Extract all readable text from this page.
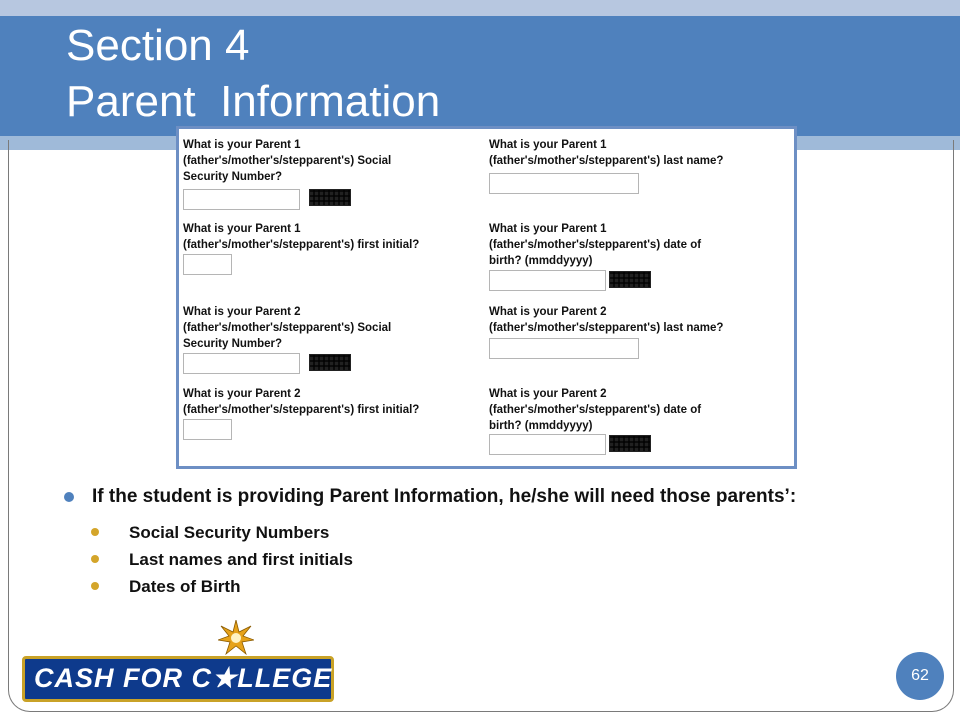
Section 4
Parent  Information
What is your Parent 1
(father's/mother's/stepparent's) Social
Security Number?
What is your Parent 1
(father's/mother's/stepparent's) last name?
What is your Parent 1
(father's/mother's/stepparent's) first initial?
What is your Parent 1
(father's/mother's/stepparent's) date of
birth? (mmddyyyy)
What is your Parent 2
(father's/mother's/stepparent's) Social
Security Number?
What is your Parent 2
(father's/mother's/stepparent's) last name?
What is your Parent 2
(father's/mother's/stepparent's) first initial?
What is your Parent 2
(father's/mother's/stepparent's) date of
birth? (mmddyyyy)
If the student is providing Parent Information, he/she will need those parents’:
Social Security Numbers
Last names and first initials
Dates of Birth
CASH FOR C★LLEGE	62
